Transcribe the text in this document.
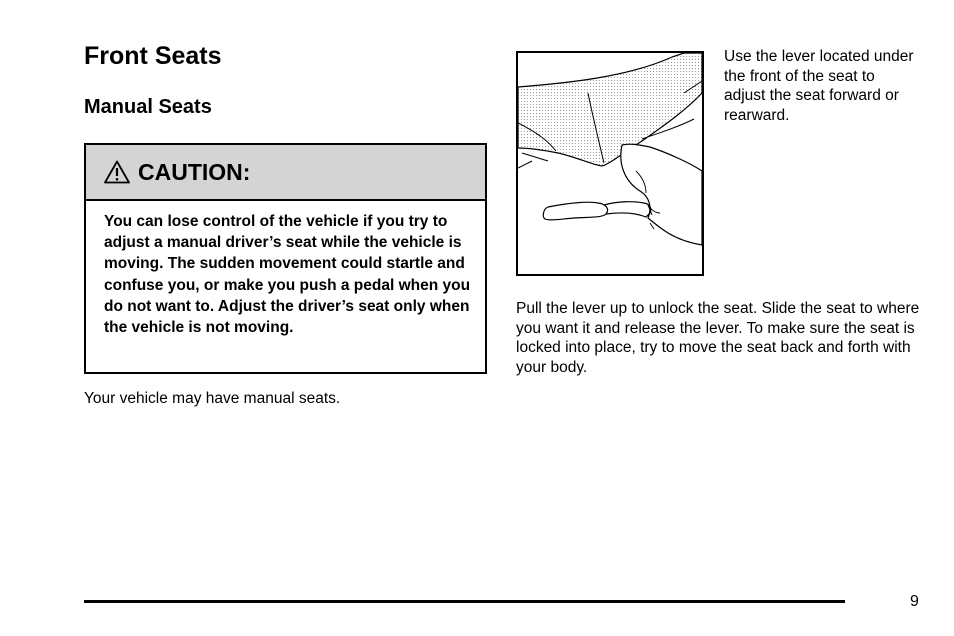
Front Seats
Manual Seats
CAUTION:
You can lose control of the vehicle if you try to adjust a manual driver’s seat while the vehicle is moving. The sudden movement could startle and confuse you, or make you push a pedal when you do not want to. Adjust the driver’s seat only when the vehicle is not moving.

Your vehicle may have manual seats.

Use the lever located under the front of the seat to adjust the seat forward or rearward.

Pull the lever up to unlock the seat. Slide the seat to where you want it and release the lever. To make sure the seat is locked into place, try to move the seat back and forth with your body.

9
